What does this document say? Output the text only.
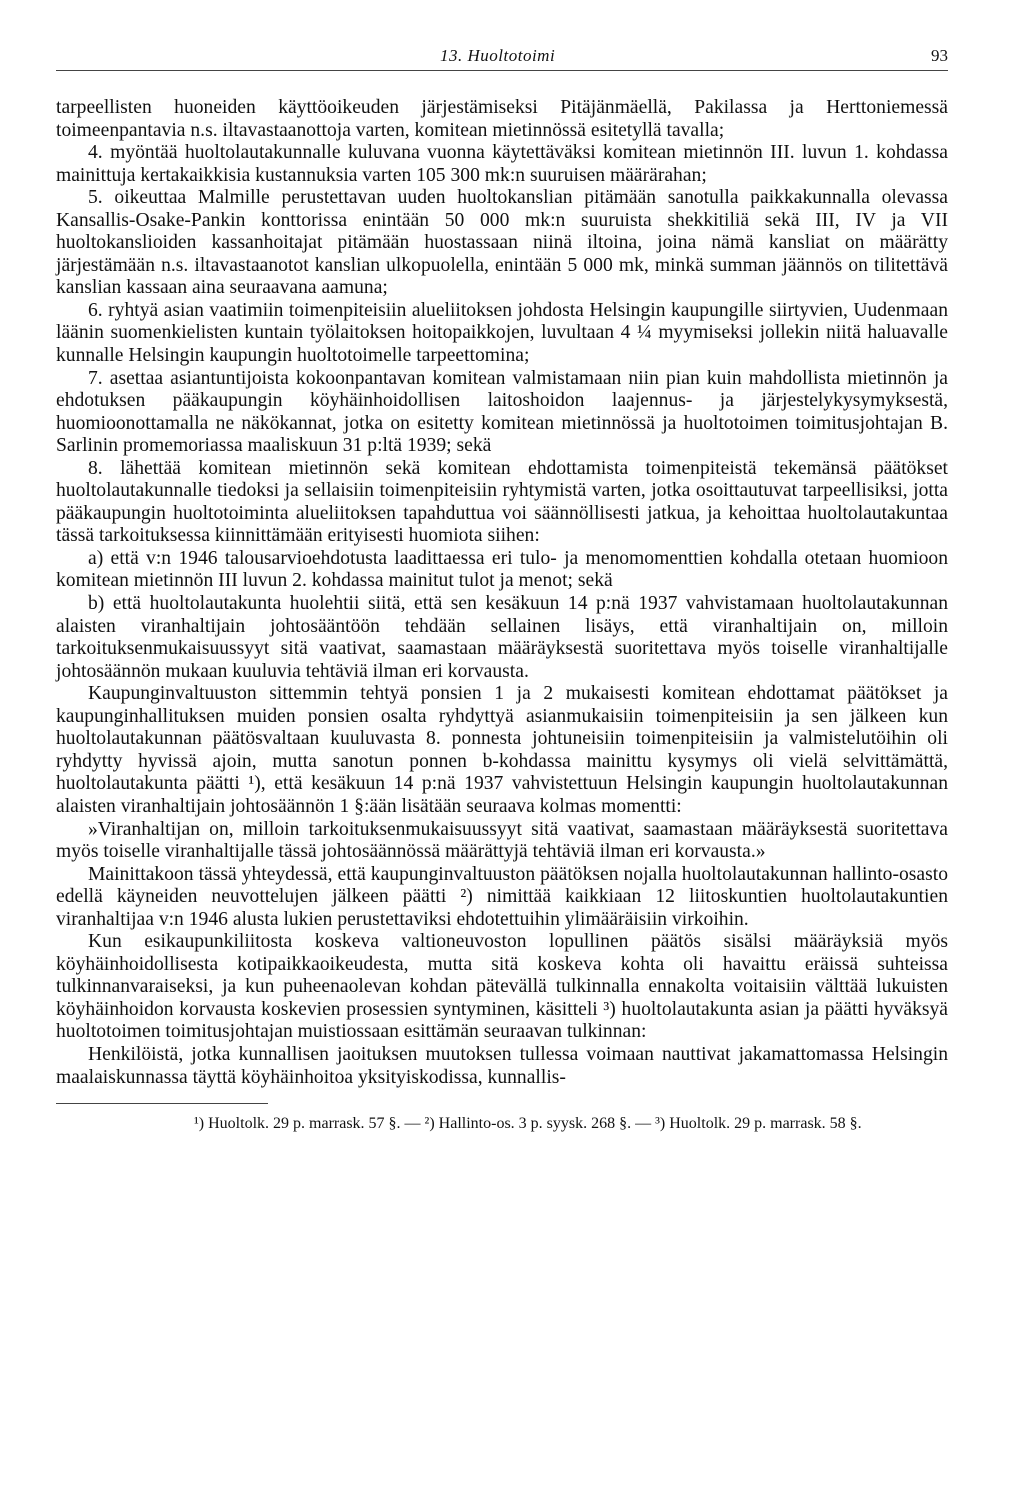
13. Huoltotoimi	93

tarpeellisten huoneiden käyttöoikeuden järjestämiseksi Pitäjänmäellä, Pakilassa ja Herttoniemessä toimeenpantavia n.s. iltavastaanottoja varten, komitean mietinnössä esitetyllä tavalla;

4. myöntää huoltolautakunnalle kuluvana vuonna käytettäväksi komitean mietinnön III. luvun 1. kohdassa mainittuja kertakaikkisia kustannuksia varten 105 300 mk:n suuruisen määrärahan;

5. oikeuttaa Malmille perustettavan uuden huoltokanslian pitämään sanotulla paikkakunnalla olevassa Kansallis-Osake-Pankin konttorissa enintään 50 000 mk:n suuruista shekkitiliä sekä III, IV ja VII huoltokanslioiden kassanhoitajat pitämään huostassaan niinä iltoina, joina nämä kansliat on määrätty järjestämään n.s. iltavastaanotot kanslian ulkopuolella, enintään 5 000 mk, minkä summan jäännös on tilitettävä kanslian kassaan aina seuraavana aamuna;

6. ryhtyä asian vaatimiin toimenpiteisiin alueliitoksen johdosta Helsingin kaupungille siirtyvien, Uudenmaan läänin suomenkielisten kuntain työlaitoksen hoitopaikkojen, luvultaan 4 ¼ myymiseksi jollekin niitä haluavalle kunnalle Helsingin kaupungin huoltotoimelle tarpeettomina;

7. asettaa asiantuntijoista kokoonpantavan komitean valmistamaan niin pian kuin mahdollista mietinnön ja ehdotuksen pääkaupungin köyhäinhoidollisen laitoshoidon laajennus- ja järjestelykysymyksestä, huomioonottamalla ne näkökannat, jotka on esitetty komitean mietinnössä ja huoltotoimen toimitusjohtajan B. Sarlinin promemoriassa maaliskuun 31 p:ltä 1939; sekä

8. lähettää komitean mietinnön sekä komitean ehdottamista toimenpiteistä tekemänsä päätökset huoltolautakunnalle tiedoksi ja sellaisiin toimenpiteisiin ryhtymistä varten, jotka osoittautuvat tarpeellisiksi, jotta pääkaupungin huoltotoiminta alueliitoksen tapahduttua voi säännöllisesti jatkua, ja kehoittaa huoltolautakuntaa tässä tarkoituksessa kiinnittämään erityisesti huomiota siihen:

a) että v:n 1946 talousarvioehdotusta laadittaessa eri tulo- ja menomomenttien kohdalla otetaan huomioon komitean mietinnön III luvun 2. kohdassa mainitut tulot ja menot; sekä

b) että huoltolautakunta huolehtii siitä, että sen kesäkuun 14 p:nä 1937 vahvistamaan huoltolautakunnan alaisten viranhaltijain johtosääntöön tehdään sellainen lisäys, että viranhaltijain on, milloin tarkoituksenmukaisuussyyt sitä vaativat, saamastaan määräyksestä suoritettava myös toiselle viranhaltijalle johtosäännön mukaan kuuluvia tehtäviä ilman eri korvausta.

Kaupunginvaltuuston sittemmin tehtyä ponsien 1 ja 2 mukaisesti komitean ehdottamat päätökset ja kaupunginhallituksen muiden ponsien osalta ryhdyttyä asianmukaisiin toimenpiteisiin ja sen jälkeen kun huoltolautakunnan päätösvaltaan kuuluvasta 8. ponnesta johtuneisiin toimenpiteisiin ja valmistelutöihin oli ryhdytty hyvissä ajoin, mutta sanotun ponnen b-kohdassa mainittu kysymys oli vielä selvittämättä, huoltolautakunta päätti ¹), että kesäkuun 14 p:nä 1937 vahvistettuun Helsingin kaupungin huoltolautakunnan alaisten viranhaltijain johtosäännön 1 §:ään lisätään seuraava kolmas momentti:

»Viranhaltijan on, milloin tarkoituksenmukaisuussyyt sitä vaativat, saamastaan määräyksestä suoritettava myös toiselle viranhaltijalle tässä johtosäännössä määrättyjä tehtäviä ilman eri korvausta.»

Mainittakoon tässä yhteydessä, että kaupunginvaltuuston päätöksen nojalla huoltolautakunnan hallinto-osasto edellä käyneiden neuvottelujen jälkeen päätti ²) nimittää kaikkiaan 12 liitoskuntien huoltolautakuntien viranhaltijaa v:n 1946 alusta lukien perustettaviksi ehdotettuihin ylimääräisiin virkoihin.

Kun esikaupunkiliitosta koskeva valtioneuvoston lopullinen päätös sisälsi määräyksiä myös köyhäinhoidollisesta kotipaikkaoikeudesta, mutta sitä koskeva kohta oli havaittu eräissä suhteissa tulkinnanvaraiseksi, ja kun puheenaolevan kohdan pätevällä tulkinnalla ennakolta voitaisiin välttää lukuisten köyhäinhoidon korvausta koskevien prosessien syntyminen, käsitteli ³) huoltolautakunta asian ja päätti hyväksyä huoltotoimen toimitusjohtajan muistiossaan esittämän seuraavan tulkinnan:

Henkilöistä, jotka kunnallisen jaoituksen muutoksen tullessa voimaan nauttivat jakamattomassa Helsingin maalaiskunnassa täyttä köyhäinhoitoa yksityiskodissa, kunnallis-

¹) Huoltolk. 29 p. marrask. 57 §. — ²) Hallinto-os. 3 p. syysk. 268 §. — ³) Huoltolk. 29 p. marrask. 58 §.
